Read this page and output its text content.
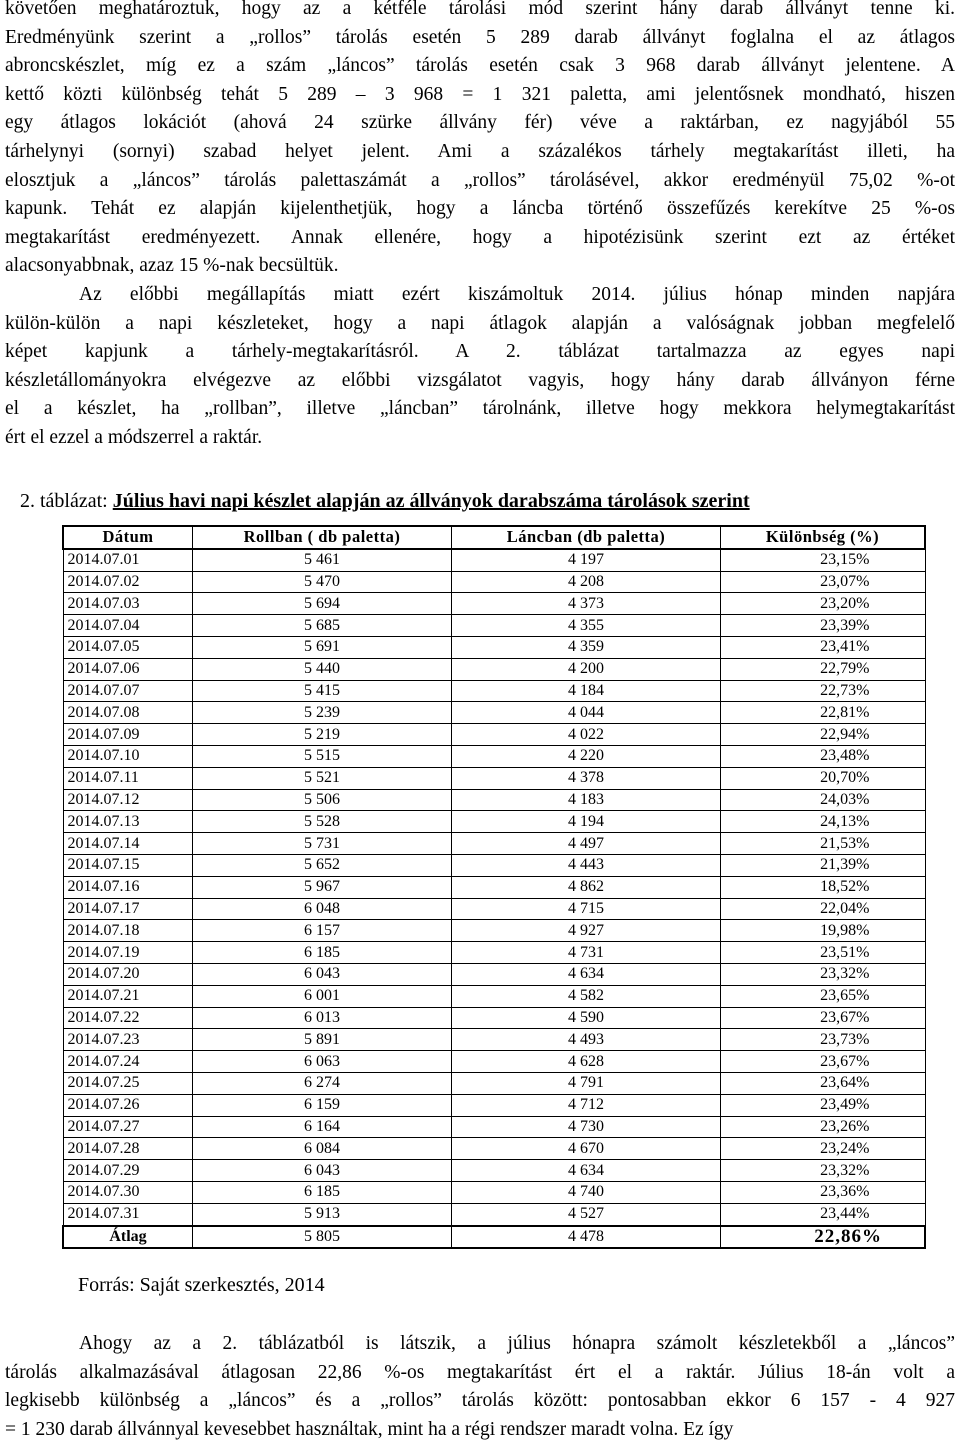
követően meghatároztuk, hogy az a kétféle tárolási mód szerint hány darab állványt tenne ki.
Eredményünk szerint a „rollos” tárolás esetén 5 289 darab állványt foglalna el az átlagos
abroncskészlet, míg ez a szám „láncos” tárolás esetén csak 3 968 darab állványt jelentene. A
kettő közti különbség tehát 5 289 – 3 968 = 1 321 paletta, ami jelentősnek mondható, hiszen
egy átlagos lokációt (ahová 24 szürke állvány fér) véve a raktárban, ez nagyjából 55
tárhelynyi (sornyi) szabad helyet jelent. Ami a százalékos tárhely megtakarítást illeti, ha
elosztjuk a „láncos” tárolás palettaszámát a „rollos” tárolásével, akkor eredményül 75,02 %-ot
kapunk. Tehát ez alapján kijelenthetjük, hogy a láncba történő összefűzés kerekítve 25 %-os
megtakarítást eredményezett. Annak ellenére, hogy a hipotézisünk szerint ezt az értéket
alacsonyabbnak, azaz 15 %-nak becsültük.
Az előbbi megállapítás miatt ezért kiszámoltuk 2014. július hónap minden napjára
külön-külön a napi készleteket, hogy a napi átlagok alapján a valóságnak jobban megfelelő
képet kapjunk a tárhely-megtakarításról. A 2. táblázat tartalmazza az egyes napi
készletállományokra elvégezve az előbbi vizsgálatot vagyis, hogy hány darab állványon férne
el a készlet, ha „rollban”, illetve „láncban” tárolnánk, illetve hogy mekkora helymegtakarítást
ért el ezzel a módszerrel a raktár.
2. táblázat: Július havi napi készlet alapján az állványok darabszáma tárolások szerint
Dátum	Rollban ( db paletta)	Láncban (db paletta)	Különbség (%)
2014.07.01	5 461	4 197	23,15%
2014.07.02	5 470	4 208	23,07%
2014.07.03	5 694	4 373	23,20%
2014.07.04	5 685	4 355	23,39%
2014.07.05	5 691	4 359	23,41%
2014.07.06	5 440	4 200	22,79%
2014.07.07	5 415	4 184	22,73%
2014.07.08	5 239	4 044	22,81%
2014.07.09	5 219	4 022	22,94%
2014.07.10	5 515	4 220	23,48%
2014.07.11	5 521	4 378	20,70%
2014.07.12	5 506	4 183	24,03%
2014.07.13	5 528	4 194	24,13%
2014.07.14	5 731	4 497	21,53%
2014.07.15	5 652	4 443	21,39%
2014.07.16	5 967	4 862	18,52%
2014.07.17	6 048	4 715	22,04%
2014.07.18	6 157	4 927	19,98%
2014.07.19	6 185	4 731	23,51%
2014.07.20	6 043	4 634	23,32%
2014.07.21	6 001	4 582	23,65%
2014.07.22	6 013	4 590	23,67%
2014.07.23	5 891	4 493	23,73%
2014.07.24	6 063	4 628	23,67%
2014.07.25	6 274	4 791	23,64%
2014.07.26	6 159	4 712	23,49%
2014.07.27	6 164	4 730	23,26%
2014.07.28	6 084	4 670	23,24%
2014.07.29	6 043	4 634	23,32%
2014.07.30	6 185	4 740	23,36%
2014.07.31	5 913	4 527	23,44%
Átlag	5 805	4 478	22,86%
Forrás: Saját szerkesztés, 2014
Ahogy az a 2. táblázatból is látszik, a július hónapra számolt készletekből a „láncos”
tárolás alkalmazásával átlagosan 22,86 %-os megtakarítást ért el a raktár. Július 18-án volt a
legkisebb különbség a „láncos” és a „rollos” tárolás között: pontosabban ekkor 6 157 - 4 927
= 1 230 darab állvánnyal kevesebbet használtak, mint ha a régi rendszer maradt volna. Ez így
